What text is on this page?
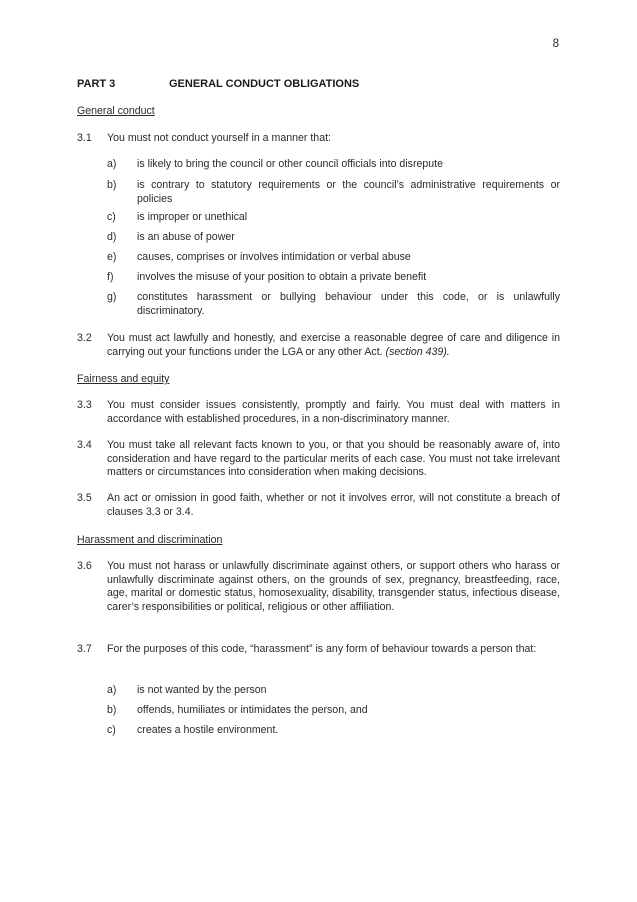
8
PART 3	GENERAL CONDUCT OBLIGATIONS
General conduct
3.1 You must not conduct yourself in a manner that:
a) is likely to bring the council or other council officials into disrepute
b) is contrary to statutory requirements or the council’s administrative requirements or policies
c) is improper or unethical
d) is an abuse of power
e) causes, comprises or involves intimidation or verbal abuse
f) involves the misuse of your position to obtain a private benefit
g) constitutes harassment or bullying behaviour under this code, or is unlawfully discriminatory.
3.2 You must act lawfully and honestly, and exercise a reasonable degree of care and diligence in carrying out your functions under the LGA or any other Act. (section 439).
Fairness and equity
3.3 You must consider issues consistently, promptly and fairly. You must deal with matters in accordance with established procedures, in a non-discriminatory manner.
3.4 You must take all relevant facts known to you, or that you should be reasonably aware of, into consideration and have regard to the particular merits of each case. You must not take irrelevant matters or circumstances into consideration when making decisions.
3.5 An act or omission in good faith, whether or not it involves error, will not constitute a breach of clauses 3.3 or 3.4.
Harassment and discrimination
3.6 You must not harass or unlawfully discriminate against others, or support others who harass or unlawfully discriminate against others, on the grounds of sex, pregnancy, breastfeeding, race, age, marital or domestic status, homosexuality, disability, transgender status, infectious disease, carer’s responsibilities or political, religious or other affiliation.
3.7 For the purposes of this code, “harassment” is any form of behaviour towards a person that:
a) is not wanted by the person
b) offends, humiliates or intimidates the person, and
c) creates a hostile environment.
